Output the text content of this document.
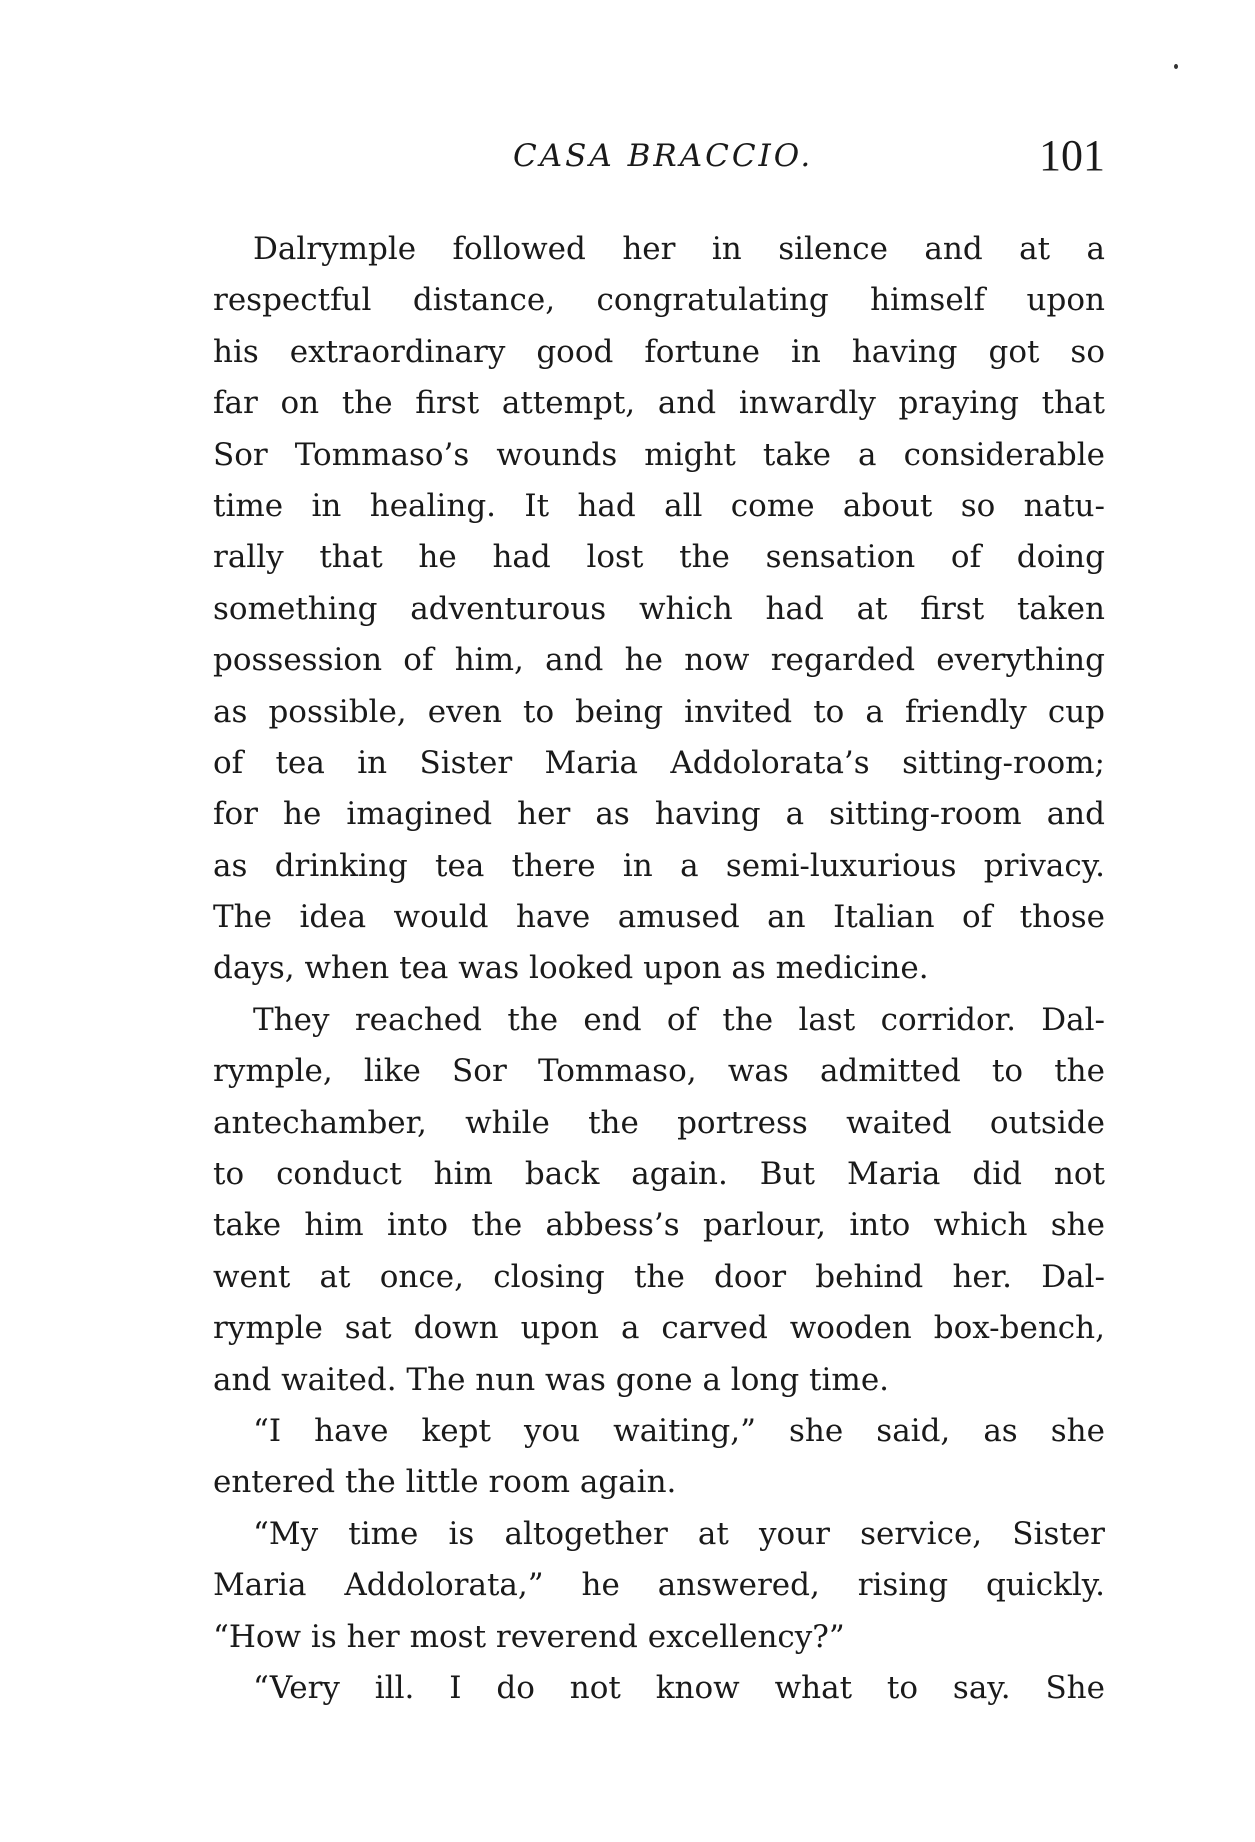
CASA BRACCIO.	101
Dalrymple followed her in silence and at a
respectful distance, congratulating himself upon
his extraordinary good fortune in having got so
far on the first attempt, and inwardly praying that
Sor Tommaso’s wounds might take a considerable
time in healing. It had all come about so natu-
rally that he had lost the sensation of doing
something adventurous which had at first taken
possession of him, and he now regarded everything
as possible, even to being invited to a friendly cup
of tea in Sister Maria Addolorata’s sitting-room;
for he imagined her as having a sitting-room and
as drinking tea there in a semi-luxurious privacy.
The idea would have amused an Italian of those
days, when tea was looked upon as medicine.
They reached the end of the last corridor. Dal-
rymple, like Sor Tommaso, was admitted to the
antechamber, while the portress waited outside
to conduct him back again. But Maria did not
take him into the abbess’s parlour, into which she
went at once, closing the door behind her. Dal-
rymple sat down upon a carved wooden box-bench,
and waited. The nun was gone a long time.
“I have kept you waiting,” she said, as she
entered the little room again.
“My time is altogether at your service, Sister
Maria Addolorata,” he answered, rising quickly.
“How is her most reverend excellency?”
“Very ill. I do not know what to say. She
